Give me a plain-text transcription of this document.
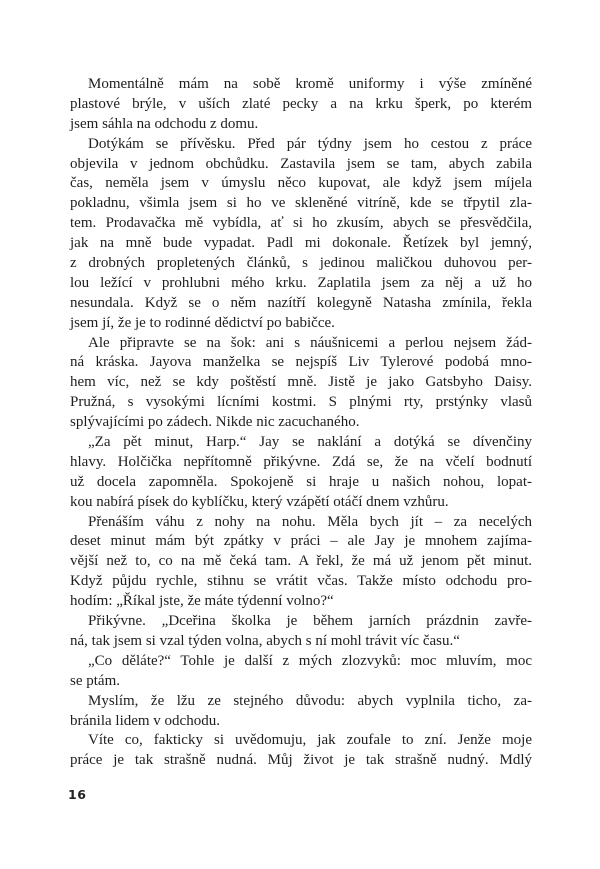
Momentálně mám na sobě kromě uniformy i výše zmíněné
plastové brýle, v uších zlaté pecky a na krku šperk, po kterém
jsem sáhla na odchodu z domu.
Dotýkám se přívěsku. Před pár týdny jsem ho cestou z práce
objevila v jednom obchůdku. Zastavila jsem se tam, abych zabila
čas, neměla jsem v úmyslu něco kupovat, ale když jsem míjela
pokladnu, všimla jsem si ho ve skleněné vitríně, kde se třpytil zla-
tem. Prodavačka mě vybídla, ať si ho zkusím, abych se přesvědčila,
jak na mně bude vypadat. Padl mi dokonale. Řetízek byl jemný,
z drobných propletených článků, s jedinou maličkou duhovou per-
lou ležící v prohlubni mého krku. Zaplatila jsem za něj a už ho
nesundala. Když se o něm nazítří kolegyně Natasha zmínila, řekla
jsem jí, že je to rodinné dědictví po babičce.
Ale připravte se na šok: ani s náušnicemi a perlou nejsem žád-
ná kráska. Jayova manželka se nejspíš Liv Tylerové podobá mno-
hem víc, než se kdy poštěstí mně. Jistě je jako Gatsbyho Daisy.
Pružná, s vysokými lícními kostmi. S plnými rty, prstýnky vlasů
splývajícími po zádech. Nikde nic zacuchaného.
„Za pět minut, Harp.“ Jay se naklání a dotýká se dívenčiny
hlavy. Holčička nepřítomně přikývne. Zdá se, že na včelí bodnutí
už docela zapomněla. Spokojeně si hraje u našich nohou, lopat-
kou nabírá písek do kyblíčku, který vzápětí otáčí dnem vzhůru.
Přenáším váhu z nohy na nohu. Měla bych jít – za necelých
deset minut mám být zpátky v práci – ale Jay je mnohem zajíma-
vější než to, co na mě čeká tam. A řekl, že má už jenom pět minut.
Když půjdu rychle, stihnu se vrátit včas. Takže místo odchodu pro-
hodím: „Říkal jste, že máte týdenní volno?“
Přikývne. „Dceřina školka je během jarních prázdnin zavře-
ná, tak jsem si vzal týden volna, abych s ní mohl trávit víc času.“
„Co děláte?“ Tohle je další z mých zlozvyků: moc mluvím, moc
se ptám.
Myslím, že lžu ze stejného důvodu: abych vyplnila ticho, za-
bránila lidem v odchodu.
Víte co, fakticky si uvědomuju, jak zoufale to zní. Jenže moje
práce je tak strašně nudná. Můj život je tak strašně nudný. Mdlý
16
